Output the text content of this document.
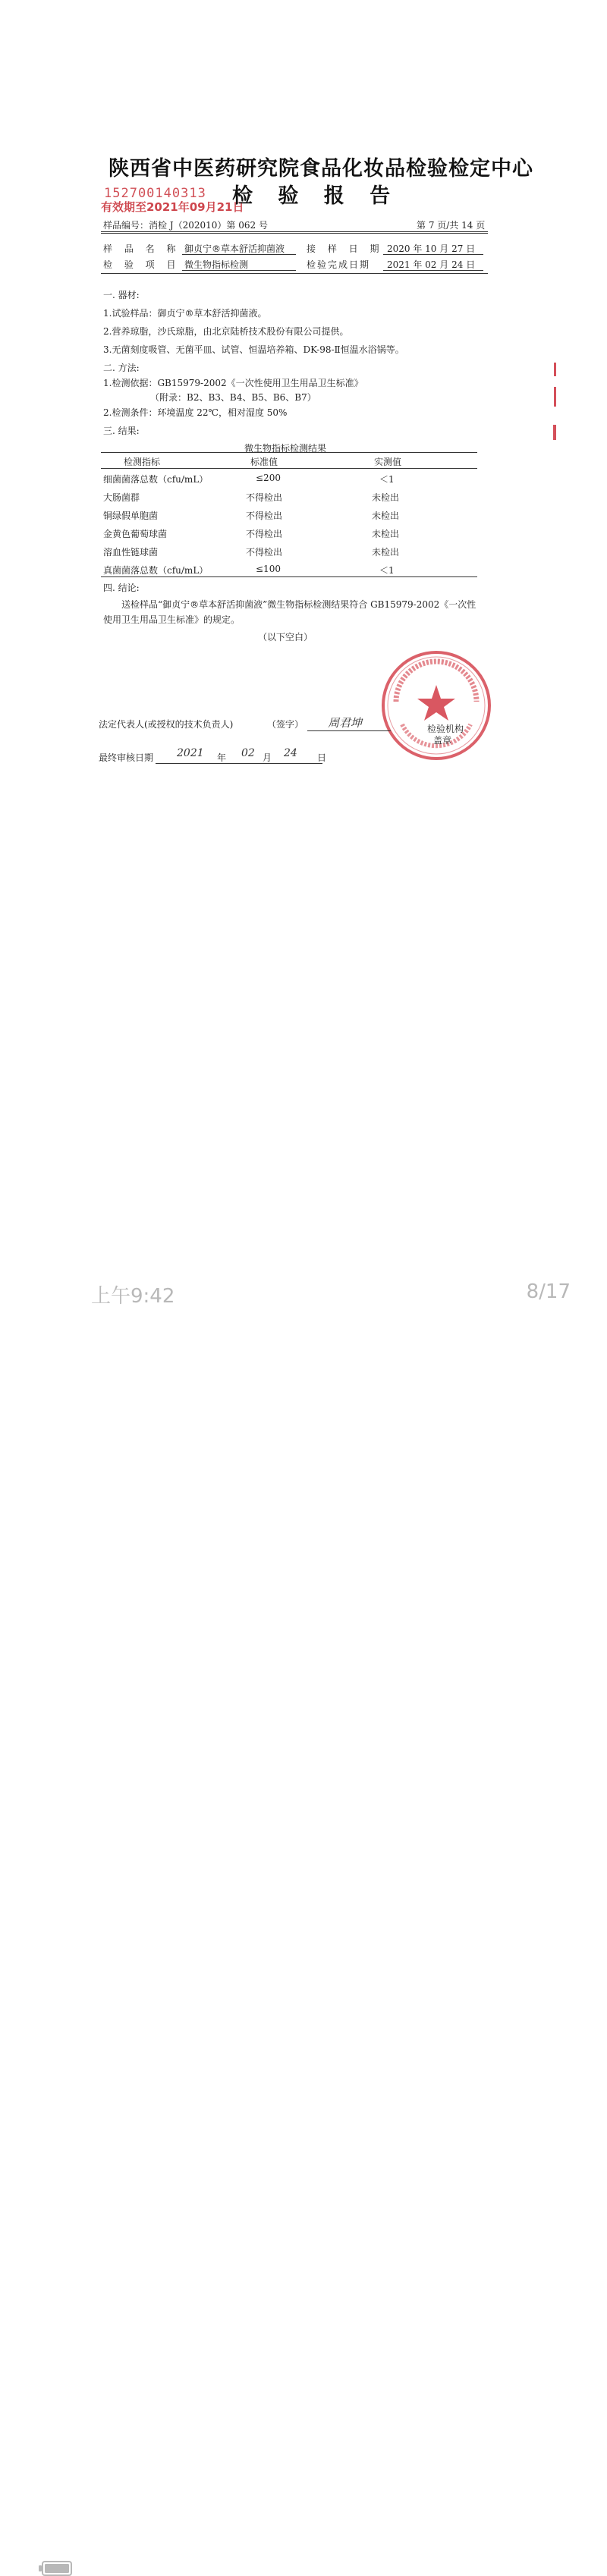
152700140313
有效期至2021年09月21日
陕西省中医药研究院食品化妆品检验检定中心
检 验 报 告
样品编号：消检 J（202010）第 062 号	第 7 页/共 14 页
样 品 名 称 御贞宁®草本舒活抑菌液 接 样 日 期 2020 年 10 月 27 日
检 验 项 目 微生物指标检测	检验完成日期 2021 年 02 月 24 日
一. 器材:
1.试验样品：御贞宁®草本舒活抑菌液。
2.营养琼脂，沙氏琼脂，由北京陆桥技术股份有限公司提供。
3.无菌刻度吸管、无菌平皿、试管、恒温培养箱、DK-98-Ⅱ恒温水浴锅等。
二. 方法:
1.检测依据：GB15979-2002《一次性使用卫生用品卫生标准》
（附录：B2、B3、B4、B5、B6、B7）
2.检测条件：环境温度 22℃，相对湿度 50%
三. 结果:
微生物指标检测结果
检测指标	标准值	实测值
细菌菌落总数（cfu/mL）	≤200	＜1
大肠菌群	不得检出	未检出
铜绿假单胞菌	不得检出	未检出
金黄色葡萄球菌	不得检出	未检出
溶血性链球菌	不得检出	未检出
真菌菌落总数（cfu/mL）	≤100	＜1
四. 结论:
送检样品“御贞宁®草本舒活抑菌液”微生物指标检测结果符合 GB15979-2002《一次性
使用卫生用品卫生标准》的规定。
（以下空白）
法定代表人(或授权的技术负责人)	（签字） 周君坤	检验机构
盖章
最终审核日期 2021 年 02 月 24 日
上午9:42	8/17
